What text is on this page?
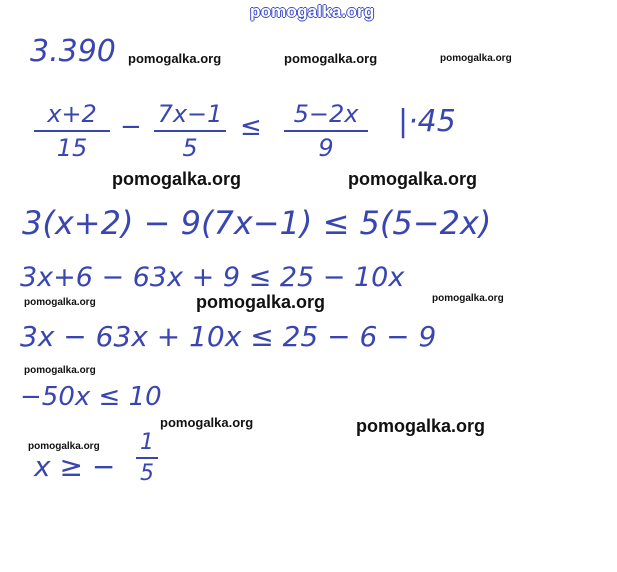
pomogalka.org
pomogalka.org	pomogalka.org	pomogalka.org
pomogalka.org	pomogalka.org
pomogalka.org	pomogalka.org	pomogalka.org
pomogalka.org
pomogalka.org	pomogalka.org
pomogalka.org
3.390
x+2
15
− 7x−1
5
≤	5−2x
9
|·45
3(x+2) − 9(7x−1) ≤ 5(5−2x)
3x+6 − 63x + 9 ≤ 25 − 10x
3x − 63x + 10x ≤ 25 − 6 − 9
−50x ≤ 10
x ≥ −
1
5
